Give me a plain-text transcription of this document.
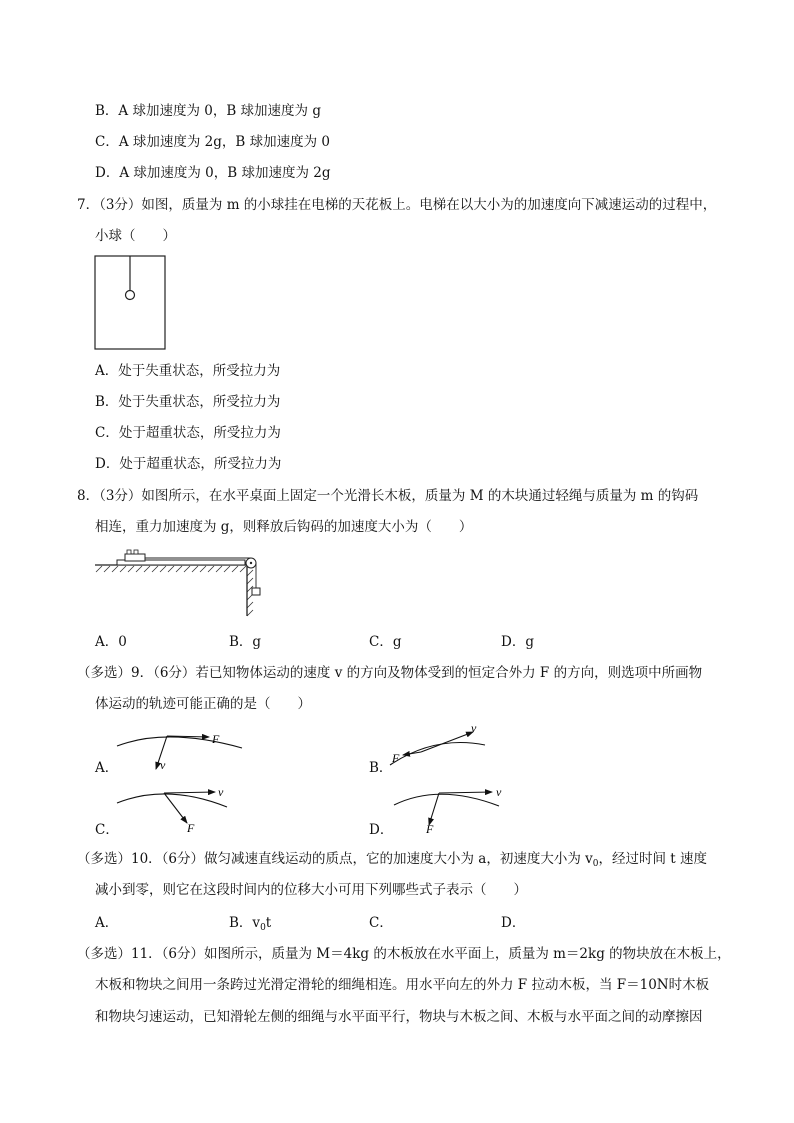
B．A 球加速度为 0，B 球加速度为 g
C．A 球加速度为 2g，B 球加速度为 0
D．A 球加速度为 0，B 球加速度为 2g
7．（3分）如图，质量为 m 的小球挂在电梯的天花板上。电梯在以大小为的加速度向下减速运动的过程中，
小球（　　）
A．处于失重状态，所受拉力为
B．处于失重状态，所受拉力为
C．处于超重状态，所受拉力为
D．处于超重状态，所受拉力为
8．（3分）如图所示，在水平桌面上固定一个光滑长木板，质量为 M 的木块通过轻绳与质量为 m 的钩码
相连，重力加速度为 g，则释放后钩码的加速度大小为（　　）
A．0	B．g	C．g	D．g
（多选）9．（6分）若已知物体运动的速度 v 的方向及物体受到的恒定合外力 F 的方向，则选项中所画物
体运动的轨迹可能正确的是（　　）
A．
F
v	B．
v
F
C．
v
F	D．
v
F
（多选）10．（6分）做匀减速直线运动的质点，它的加速度大小为 a，初速度大小为 $v_0$，经过时间 t 速度
减小到零，则它在这段时间内的位移大小可用下列哪些式子表示（　　）
A．	B．$v_0t$	C．	D．
（多选）11．（6分）如图所示，质量为 M＝4kg 的木板放在水平面上，质量为 m＝2kg 的物块放在木板上，
木板和物块之间用一条跨过光滑定滑轮的细绳相连。用水平向左的外力 F 拉动木板，当 F＝10N时木板
和物块匀速运动，已知滑轮左侧的细绳与水平面平行，物块与木板之间、木板与水平面之间的动摩擦因
